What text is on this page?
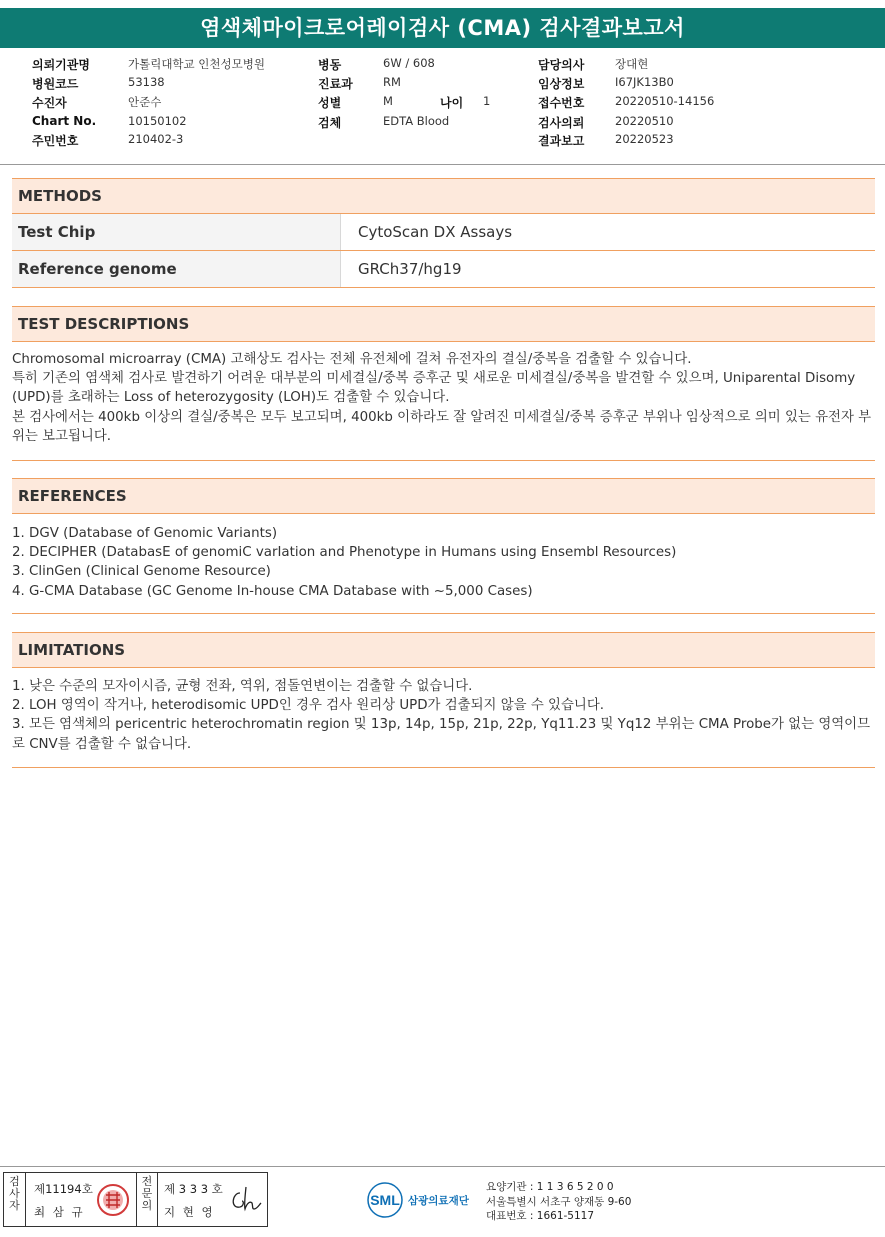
염색체마이크로어레이검사 (CMA) 검사결과보고서
의뢰기관명	가톨릭대학교 인천성모병원	병동	6W / 608	담당의사	장대현
병원코드	53138	진료과	RM	임상정보	I67JK13B0
수진자	안준수	성별	M	나이 1	접수번호	20220510-14156
Chart No.	10150102	검체	EDTA Blood	검사의뢰	20220510
주민번호	210402-3	결과보고	20220523
METHODS
Test Chip	CytoScan DX Assays
Reference genome	GRCh37/hg19
TEST DESCRIPTIONS

Chromosomal microarray (CMA) 고해상도 검사는 전체 유전체에 걸쳐 유전자의 결실/중복을 검출할 수 있습니다.

특히 기존의 염색체 검사로 발견하기 어려운 대부분의 미세결실/중복 증후군 및 새로운 미세결실/중복을 발견할 수 있으며, Uniparental Disomy (UPD)를 초래하는 Loss of heterozygosity (LOH)도 검출할 수 있습니다.

본 검사에서는 400kb 이상의 결실/중복은 모두 보고되며, 400kb 이하라도 잘 알려진 미세결실/중복 증후군 부위나 임상적으로 의미 있는 유전자 부위는 보고됩니다.

REFERENCES

1. DGV (Database of Genomic Variants)

2. DECIPHER (DatabasE of genomiC varIation and Phenotype in Humans using Ensembl Resources)

3. ClinGen (Clinical Genome Resource)

4. G-CMA Database (GC Genome In-house CMA Database with ~5,000 Cases)

LIMITATIONS

1. 낮은 수준의 모자이시즘, 균형 전좌, 역위, 점돌연변이는 검출할 수 없습니다.

2. LOH 영역이 작거나, heterodisomic UPD인 경우 검사 원리상 UPD가 검출되지 않을 수 있습니다.

3. 모든 염색체의 pericentric heterochromatin region 및 13p, 14p, 15p, 21p, 22p, Yq11.23 및 Yq12 부위는 CMA Probe가 없는 영역이므로 CNV를 검출할 수 없습니다.

검사자
제11194호
최 삼 규
전문의
제 3 3 3 호
지 현 영
SML 삼광의료재단
요양기관 : 1 1 3 6 5 2 0 0
서울특별시 서초구 양재동 9-60
대표번호 : 1661-5117
